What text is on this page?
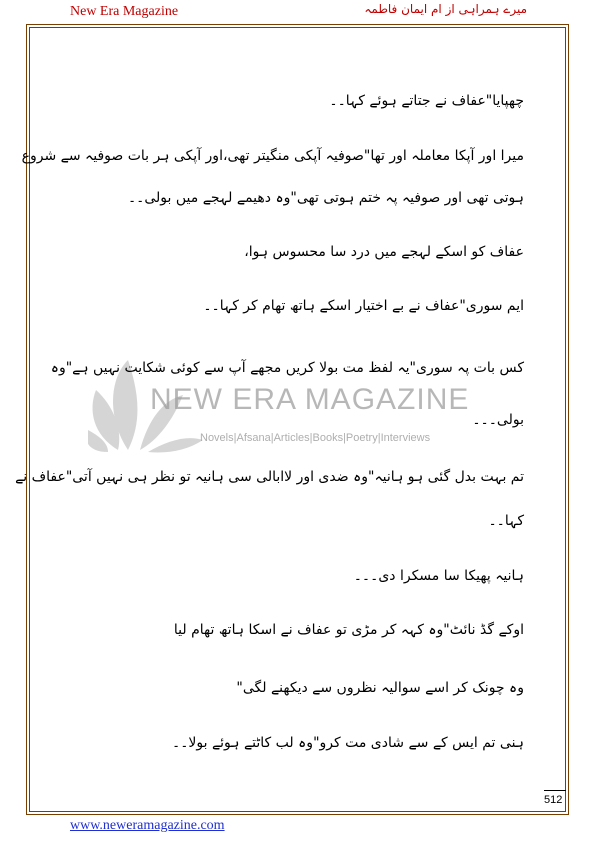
New Era Magazine	میرے ہمراہی از ام ایمان فاطمہ
NEW ERA MAGAZINE
Novels|Afsana|Articles|Books|Poetry|Interviews
چھپایا"عفاف نے جتاتے ہوئے کہا۔۔
میرا اور آپکا معاملہ اور تھا"صوفیہ آپکی منگیتر تھی،اور آپکی ہر بات صوفیہ سے شروع
ہوتی تھی اور صوفیہ پہ ختم ہوتی تھی"وہ دھیمے لہجے میں بولی۔۔
عفاف کو اسکے لہجے میں درد سا محسوس ہوا،
ایم سوری"عفاف نے بے اختیار اسکے ہاتھ تھام کر کہا۔۔
کس بات پہ سوری"یہ لفظ مت بولا کریں مجھے آپ سے کوئی شکایت نہیں ہے"وہ
بولی۔۔۔
تم بہت بدل گئی ہو ہانیہ"وہ ضدی اور لاابالی سی ہانیہ تو نظر ہی نہیں آتی"عفاف نے
کہا۔۔
ہانیہ پھیکا سا مسکرا دی۔۔۔
اوکے گڈ نائٹ"وہ کہہ کر مڑی تو عفاف نے اسکا ہاتھ تھام لیا
وہ چونک کر اسے سوالیہ نظروں سے دیکھنے لگی"
ہنی تم ایس کے سے شادی مت کرو"وہ لب کاٹتے ہوئے بولا۔۔
512
www.neweramagazine.com
